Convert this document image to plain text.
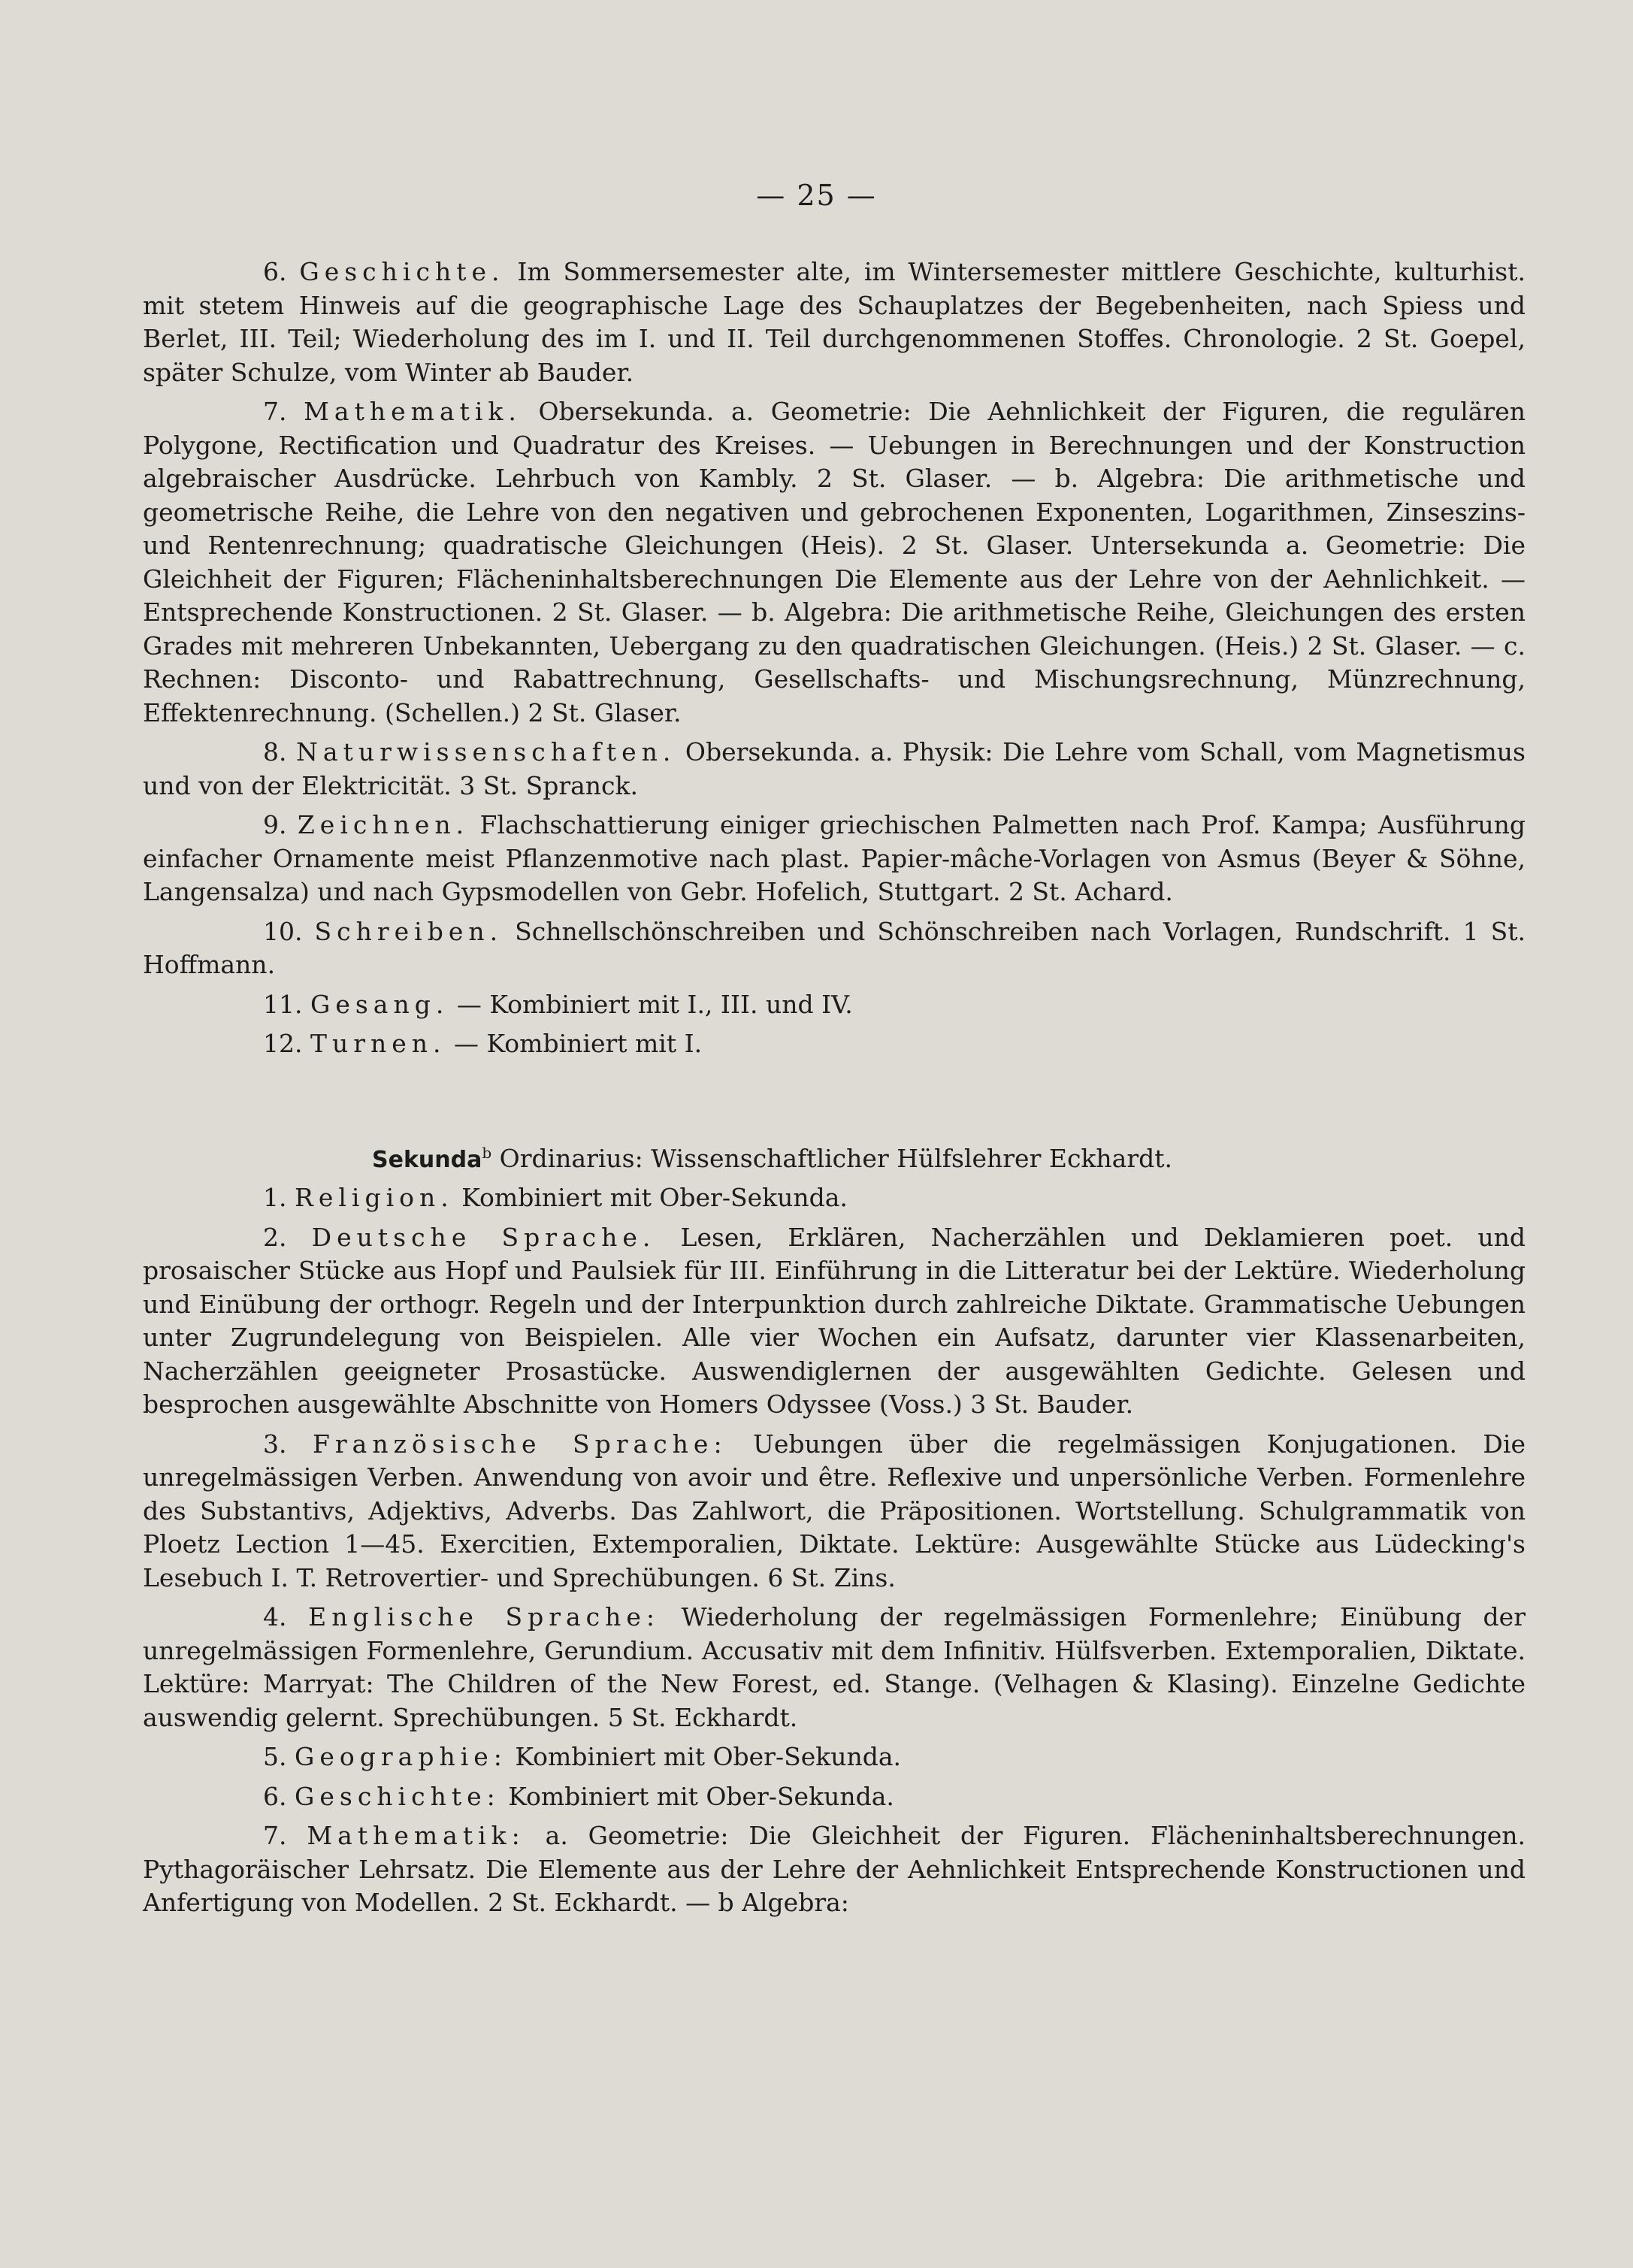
— 25 —

6. Geschichte. Im Sommersemester alte, im Wintersemester mittlere Geschichte, kulturhist. mit stetem Hinweis auf die geographische Lage des Schauplatzes der Begebenheiten, nach Spiess und Berlet, III. Teil; Wiederholung des im I. und II. Teil durchgenommenen Stoffes. Chronologie. 2 St. Goepel, später Schulze, vom Winter ab Bauder.

7. Mathematik. Obersekunda. a. Geometrie: Die Aehnlichkeit der Figuren, die regulären Polygone, Rectification und Quadratur des Kreises. — Uebungen in Berechnungen und der Konstruction algebraischer Ausdrücke. Lehrbuch von Kambly. 2 St. Glaser. — b. Algebra: Die arithmetische und geometrische Reihe, die Lehre von den negativen und gebrochenen Exponenten, Logarithmen, Zinseszins- und Rentenrechnung; quadratische Gleichungen (Heis). 2 St. Glaser. Untersekunda a. Geometrie: Die Gleichheit der Figuren; Flächeninhaltsberechnungen Die Elemente aus der Lehre von der Aehnlichkeit. — Entsprechende Konstructionen. 2 St. Glaser. — b. Algebra: Die arithmetische Reihe, Gleichungen des ersten Grades mit mehreren Unbekannten, Uebergang zu den quadratischen Gleichungen. (Heis.) 2 St. Glaser. — c. Rechnen: Disconto- und Rabattrechnung, Gesellschafts- und Mischungsrechnung, Münzrechnung, Effektenrechnung. (Schellen.) 2 St. Glaser.

8. Naturwissenschaften. Obersekunda. a. Physik: Die Lehre vom Schall, vom Magnetismus und von der Elektricität. 3 St. Spranck.

9. Zeichnen. Flachschattierung einiger griechischen Palmetten nach Prof. Kampa; Ausführung einfacher Ornamente meist Pflanzenmotive nach plast. Papier-mâche-Vorlagen von Asmus (Beyer & Söhne, Langensalza) und nach Gypsmodellen von Gebr. Hofelich, Stuttgart. 2 St. Achard.

10. Schreiben. Schnellschönschreiben und Schönschreiben nach Vorlagen, Rundschrift. 1 St. Hoffmann.

11. Gesang. — Kombiniert mit I., III. und IV.

12. Turnen. — Kombiniert mit I.

Sekunda$^b$ Ordinarius: Wissenschaftlicher Hülfslehrer Eckhardt.

1. Religion. Kombiniert mit Ober-Sekunda.

2. Deutsche Sprache. Lesen, Erklären, Nacherzählen und Deklamieren poet. und prosaischer Stücke aus Hopf und Paulsiek für III. Einführung in die Litteratur bei der Lektüre. Wiederholung und Einübung der orthogr. Regeln und der Interpunktion durch zahlreiche Diktate. Grammatische Uebungen unter Zugrundelegung von Beispielen. Alle vier Wochen ein Aufsatz, darunter vier Klassenarbeiten, Nacherzählen geeigneter Prosastücke. Auswendiglernen der ausgewählten Gedichte. Gelesen und besprochen ausgewählte Abschnitte von Homers Odyssee (Voss.) 3 St. Bauder.

3. Französische Sprache: Uebungen über die regelmässigen Konjugationen. Die unregelmässigen Verben. Anwendung von avoir und être. Reflexive und unpersönliche Verben. Formenlehre des Substantivs, Adjektivs, Adverbs. Das Zahlwort, die Präpositionen. Wortstellung. Schulgrammatik von Ploetz Lection 1—45. Exercitien, Extemporalien, Diktate. Lektüre: Ausgewählte Stücke aus Lüdecking's Lesebuch I. T. Retrovertier- und Sprechübungen. 6 St. Zins.

4. Englische Sprache: Wiederholung der regelmässigen Formenlehre; Einübung der unregelmässigen Formenlehre, Gerundium. Accusativ mit dem Infinitiv. Hülfsverben. Extemporalien, Diktate. Lektüre: Marryat: The Children of the New Forest, ed. Stange. (Velhagen & Klasing). Einzelne Gedichte auswendig gelernt. Sprechübungen. 5 St. Eckhardt.

5. Geographie: Kombiniert mit Ober-Sekunda.

6. Geschichte: Kombiniert mit Ober-Sekunda.

7. Mathematik: a. Geometrie: Die Gleichheit der Figuren. Flächeninhaltsberechnungen. Pythagoräischer Lehrsatz. Die Elemente aus der Lehre der Aehnlichkeit Entsprechende Konstructionen und Anfertigung von Modellen. 2 St. Eckhardt. — b Algebra:
